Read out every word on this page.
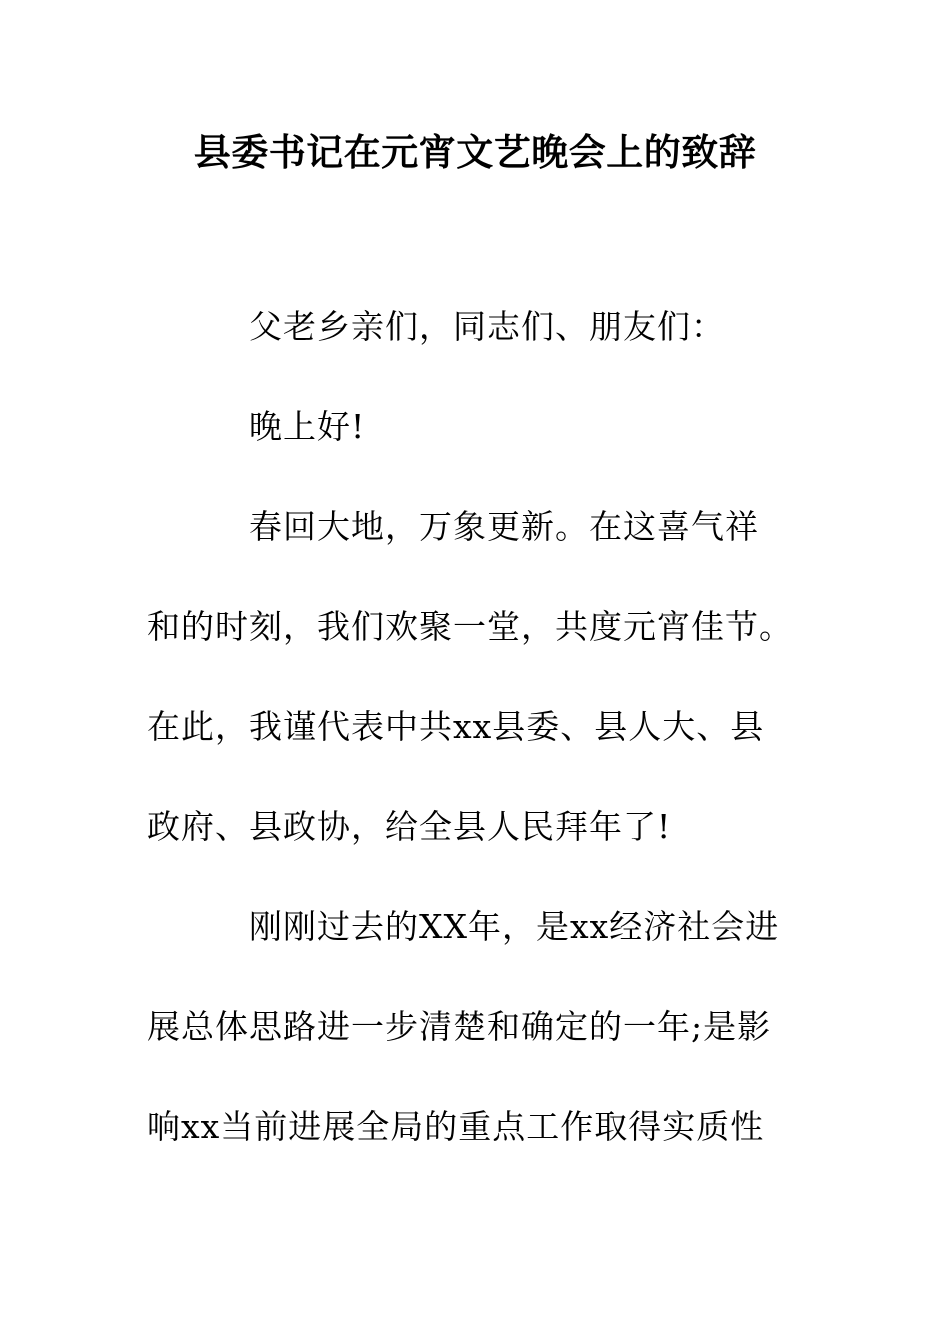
县委书记在元宵文艺晚会上的致辞
父老乡亲们，同志们、朋友们：
晚上好!
春回大地，万象更新。在这喜气祥
和的时刻，我们欢聚一堂，共度元宵佳节。
在此，我谨代表中共xx县委、县人大、县
政府、县政协，给全县人民拜年了!
刚刚过去的XX年，是xx经济社会进
展总体思路进一步清楚和确定的一年;是影
响xx当前进展全局的重点工作取得实质性
